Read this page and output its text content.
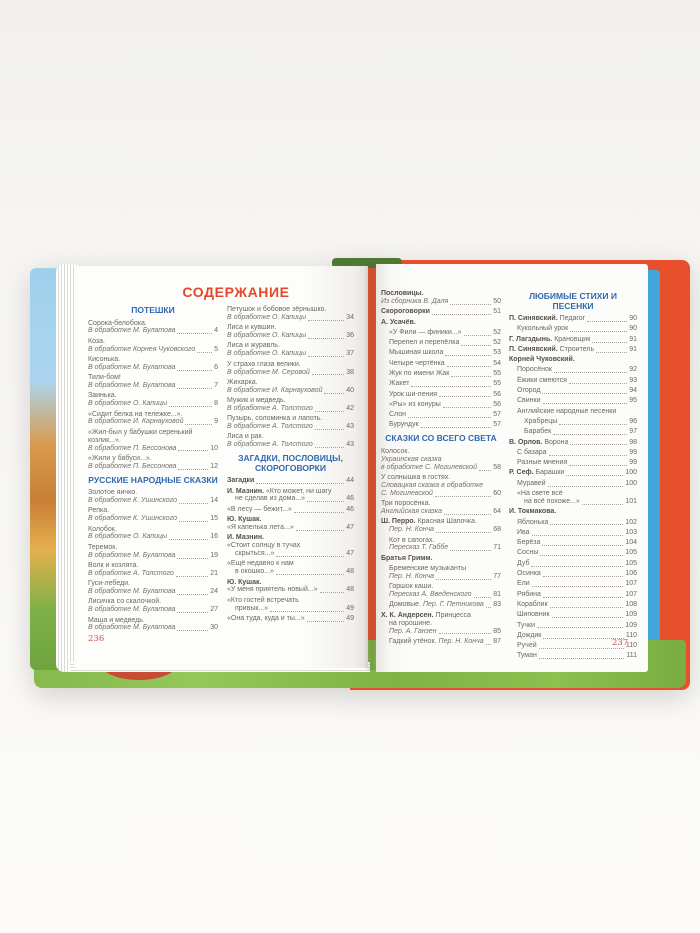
СОДЕРЖАНИЕ
ПОТЕШКИ
Сорока-белобока.
В обработке М. Булатова	4
Коза.
В обработке Корнея Чуковского	5
Кисонька.
В обработке М. Булатова	6
Тили-бом!
В обработке М. Булатова	7
Заинька.
В обработке О. Капицы	8
«Сидит белка на тележке...».
В обработке И. Карнауховой	9
«Жил-был у бабушки серенький
козлик...».
В обработке П. Бессонова	10
«Жили у бабуси...».
В обработке П. Бессонова	12
РУССКИЕ НАРОДНЫЕ СКАЗКИ
Золотое яичко.
В обработке К. Ушинского	14
Репка.
В обработке К. Ушинского	15
Колобок.
В обработке О. Капицы	16
Теремок.
В обработке М. Булатова	19
Волк и козлята.
В обработке А. Толстого	21
Гуси-лебеди.
В обработке М. Булатова	24
Лисичка со скалочкой.
В обработке М. Булатова	27
Маша и медведь.
В обработке М. Булатова	30
Петушок и бобовое зёрнышко.
В обработке О. Капицы	34
Лиса и кувшин.
В обработке О. Капицы	36
Лиса и журавль.
В обработке О. Капицы	37
У страха глаза велики.
В обработке М. Серовой	38
Жихарка.
В обработке И. Карнауховой	40
Мужик и медведь.
В обработке А. Толстого	42
Пузырь, соломинка и лапоть.
В обработке А. Толстого	43
Лиса и рак.
В обработке А. Толстого	43
ЗАГАДКИ, ПОСЛОВИЦЫ, СКОРОГОВОРКИ
Загадки	44
И. Мазнин. «Кто может, ни шагу
не сделав из дома...»	46
«В лесу — бежит...»	46
Ю. Кушак.
«Я капелька лета...»	47
И. Мазнин.
«Стоит солнцу в тучах
скрыться...»	47
«Ещё недавно к нам
в окошко...»	48
Ю. Кушак.
«У меня приятель новый...»	48
«Кто гостей встречать
привык...»	49
«Она туда, куда и ты...»	49
236
Пословицы.
Из сборника В. Даля	50
Скороговорки	51
А. Усачёв.
«У Фили — финики...»	52
Перепел и перепёлка	52
Мышиная школа	53
Четыре чертёнка	54
Жук по имени Жак	55
Жакет	55
Урок ши-пения	56
«Ры» из конуры	56
Слон	57
Бурундук	57
СКАЗКИ СО ВСЕГО СВЕТА
Колосок.
Украинская сказка
в обработке С. Могилевской 58
У солнышка в гостях.
Словацкая сказка в обработке
С. Могилевской	60
Три поросёнка.
Английская сказка	64
Ш. Перро. Красная Шапочка.
Пер. Н. Конча	68
Кот в сапогах.
Пересказ Т. Габбе	71
Братья Гримм.
Бременские музыканты
Пер. Н. Конча	77
Горшок каши.
Пересказ А. Введенского	81
Домовые. Пер. Г. Петникова 83
Х. К. Андерсен. Принцесса
на горошине.
Пер. А. Ганзен	85
Гадкий утёнок. Пер. Н. Конча 87
ЛЮБИМЫЕ СТИХИ И ПЕСЕНКИ
П. Синявский. Педагог	90
Кукольный урок	90
Г. Лагздынь. Крановщик	91
П. Синявский. Строитель	91
Корней Чуковский.
Поросёнок	92
Ёжики смеются	93
Огород	94
Свинки	95
Английские народные песенки
Храбрецы	96
Барабек	97
В. Орлов. Ворона	98
С базара	99
Разные мнения	99
Р. Сеф. Барашки	100
Муравей	100
«На свете всё
на всё похоже...»	101
И. Токмакова.
Яблонька	102
Ива	103
Берёза	104
Сосны	105
Дуб	105
Осинка	106
Ели	107
Рябина	107
Кораблик	108
Шиповник	109
Тучки	109
Дождик	110
Ручей	110
Туман	111
237
